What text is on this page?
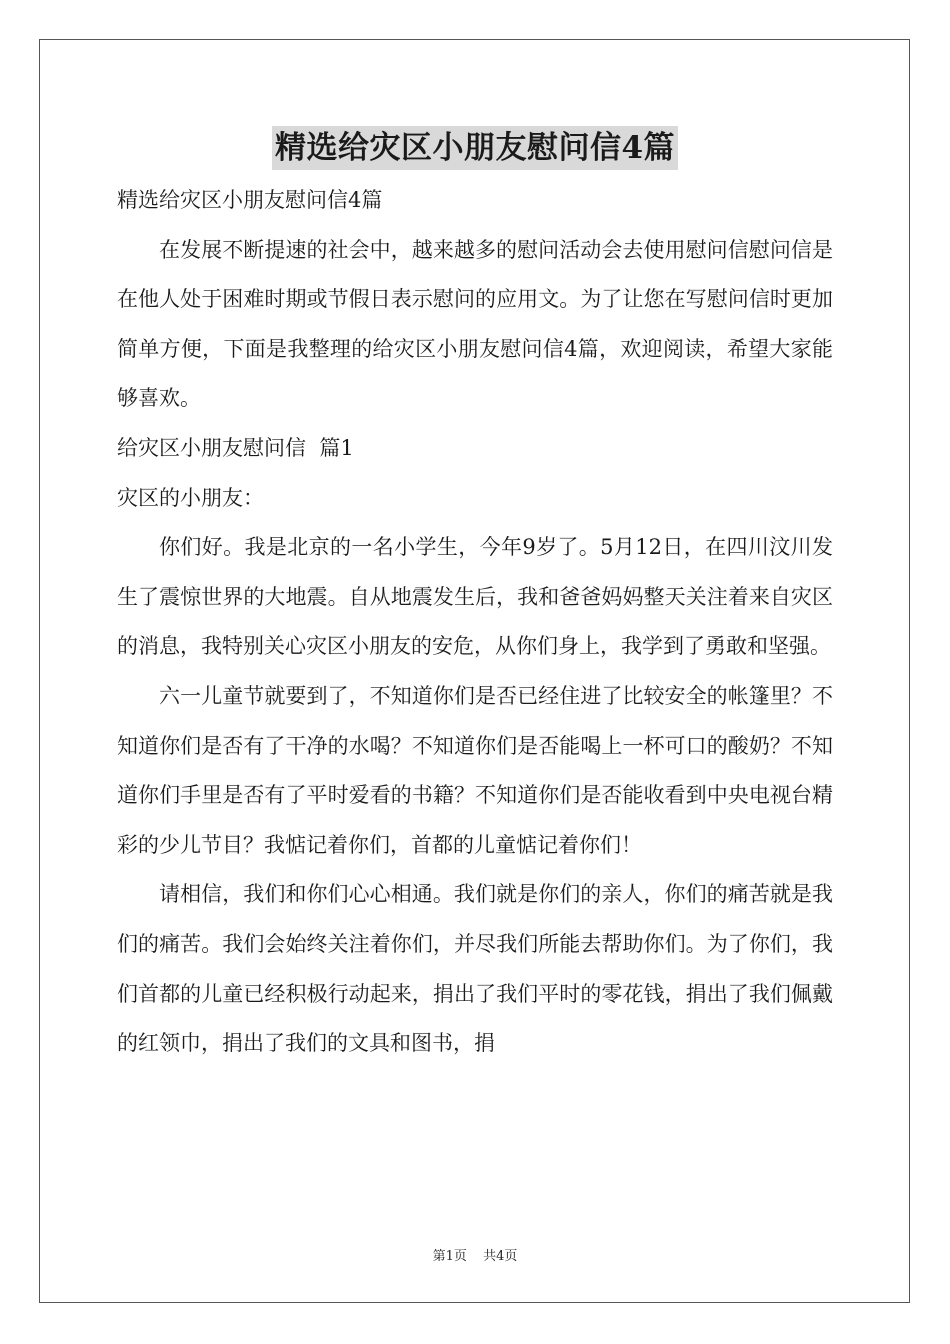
精选给灾区小朋友慰问信4篇

精选给灾区小朋友慰问信4篇

在发展不断提速的社会中，越来越多的慰问活动会去使用慰问信慰问信是在他人处于困难时期或节假日表示慰问的应用文。为了让您在写慰问信时更加简单方便，下面是我整理的给灾区小朋友慰问信4篇，欢迎阅读，希望大家能够喜欢。

给灾区小朋友慰问信  篇1

灾区的小朋友：

你们好。我是北京的一名小学生，今年9岁了。5月12日，在四川汶川发生了震惊世界的大地震。自从地震发生后，我和爸爸妈妈整天关注着来自灾区的消息，我特别关心灾区小朋友的安危，从你们身上，我学到了勇敢和坚强。

六一儿童节就要到了，不知道你们是否已经住进了比较安全的帐篷里？不知道你们是否有了干净的水喝？不知道你们是否能喝上一杯可口的酸奶？不知道你们手里是否有了平时爱看的书籍？不知道你们是否能收看到中央电视台精彩的少儿节目？我惦记着你们，首都的儿童惦记着你们！

请相信，我们和你们心心相通。我们就是你们的亲人，你们的痛苦就是我们的痛苦。我们会始终关注着你们，并尽我们所能去帮助你们。为了你们，我们首都的儿童已经积极行动起来，捐出了我们平时的零花钱，捐出了我们佩戴的红领巾，捐出了我们的文具和图书，捐

第1页 共4页
